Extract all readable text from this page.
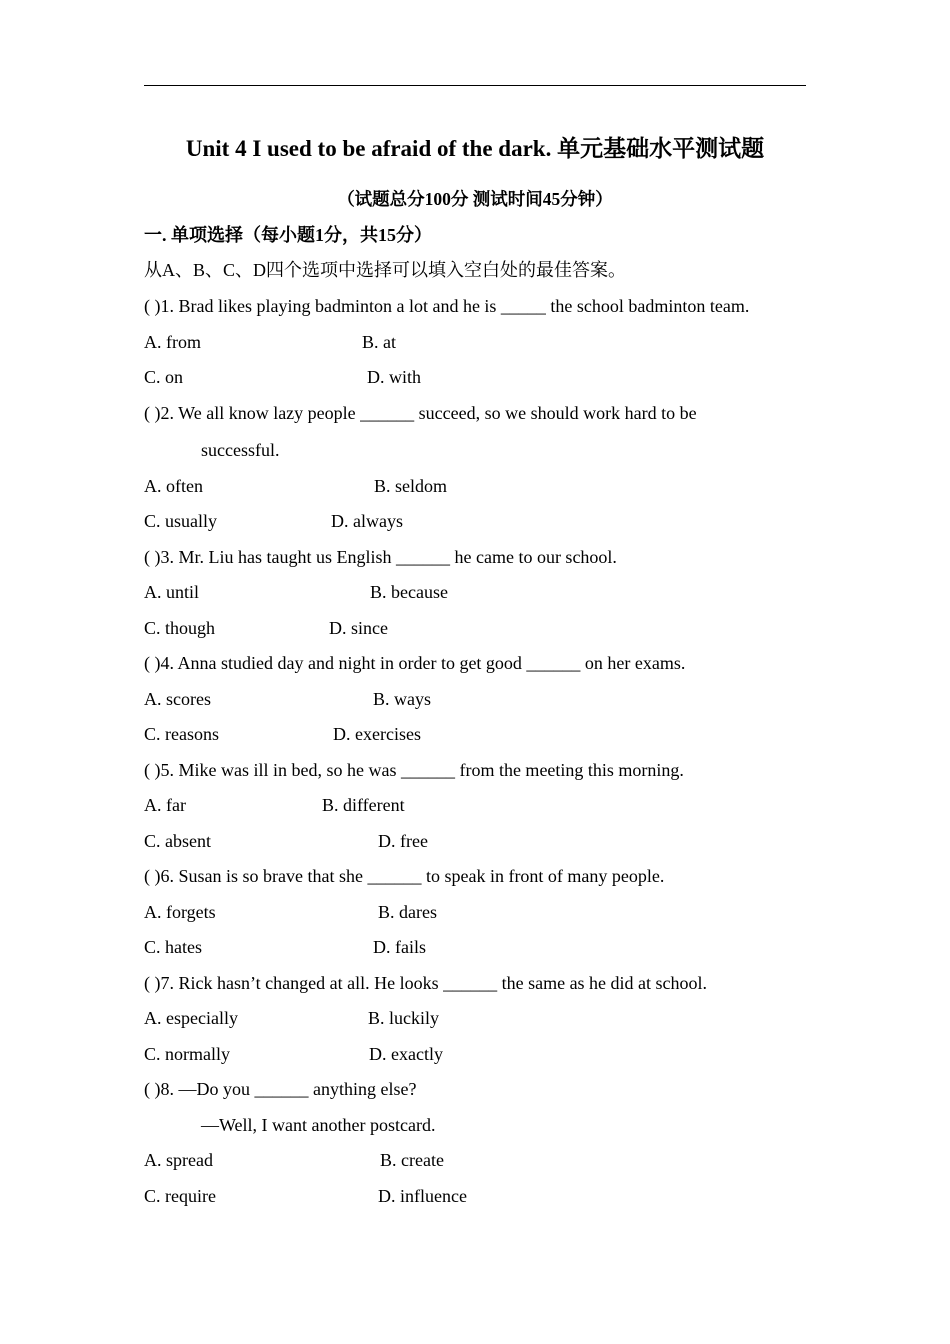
Unit 4 I used to be afraid of the dark. 单元基础水平测试题
（试题总分100分 测试时间45分钟）
一. 单项选择（每小题1分，共15分）
从A、B、C、D四个选项中选择可以填入空白处的最佳答案。
( )1. Brad likes playing badminton a lot and he is _____ the school badminton team.
A. from	B. at
C. on	D. with
( )2. We all know lazy people ______ succeed, so we should work hard to be
successful.
A. often	B. seldom
C. usually	D. always
( )3. Mr. Liu has taught us English ______ he came to our school.
A. until	B. because
C. though	D. since
( )4. Anna studied day and night in order to get good ______ on her exams.
A. scores	B. ways
C. reasons	D. exercises
( )5. Mike was ill in bed, so he was ______ from the meeting this morning.
A. far	B. different
C. absent	D. free
( )6. Susan is so brave that she ______ to speak in front of many people.
A. forgets	B. dares
C. hates	D. fails
( )7. Rick hasn’t changed at all. He looks ______ the same as he did at school.
A. especially	B. luckily
C. normally	D. exactly
( )8. —Do you ______ anything else?
—Well, I want another postcard.
A. spread	B. create
C. require	D. influence
